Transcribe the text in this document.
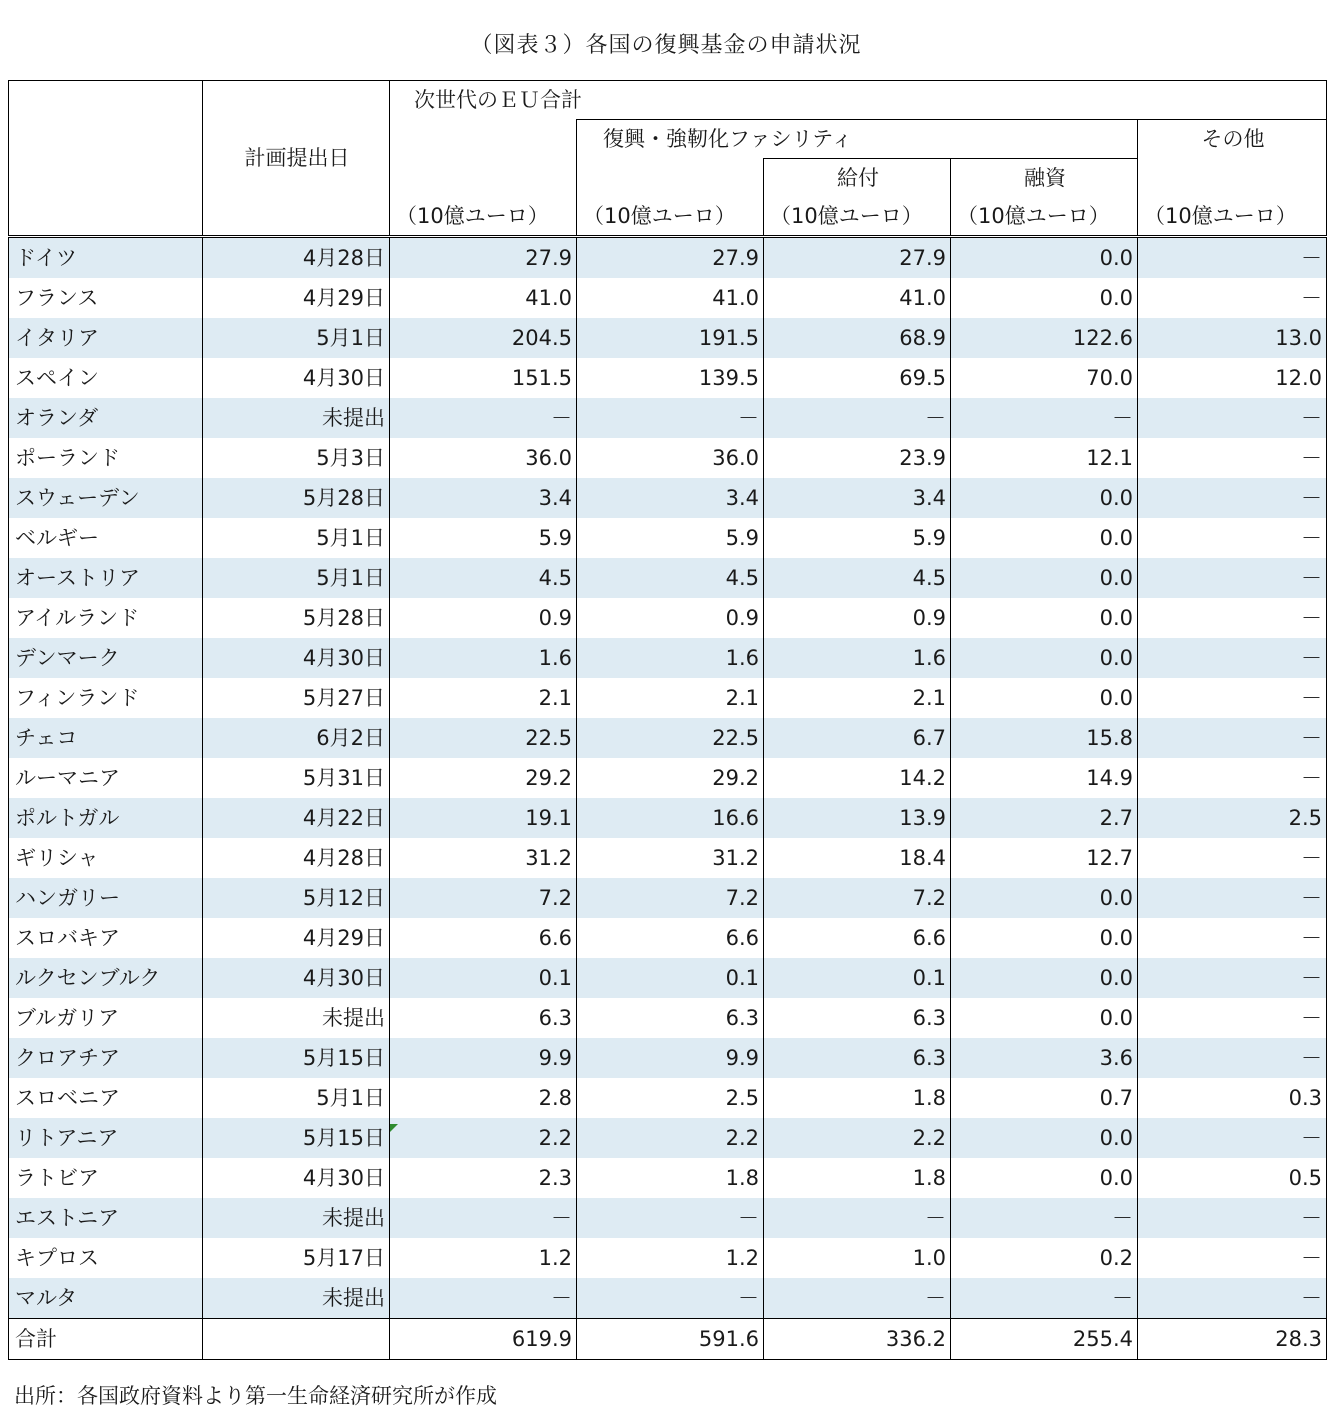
（図表３）各国の復興基金の申請状況
	計画提出日	次世代のＥＵ合計				
			復興・強靭化ファシリティ			その他
				給付	融資	
		（10億ユーロ）	（10億ユーロ）	（10億ユーロ）	（10億ユーロ）	（10億ユーロ）
ドイツ	4月28日	27.9	27.9	27.9	0.0	－
フランス	4月29日	41.0	41.0	41.0	0.0	－
イタリア	5月1日	204.5	191.5	68.9	122.6	13.0
スペイン	4月30日	151.5	139.5	69.5	70.0	12.0
オランダ	未提出	－	－	－	－	－
ポーランド	5月3日	36.0	36.0	23.9	12.1	－
スウェーデン	5月28日	3.4	3.4	3.4	0.0	－
ベルギー	5月1日	5.9	5.9	5.9	0.0	－
オーストリア	5月1日	4.5	4.5	4.5	0.0	－
アイルランド	5月28日	0.9	0.9	0.9	0.0	－
デンマーク	4月30日	1.6	1.6	1.6	0.0	－
フィンランド	5月27日	2.1	2.1	2.1	0.0	－
チェコ	6月2日	22.5	22.5	6.7	15.8	－
ルーマニア	5月31日	29.2	29.2	14.2	14.9	－
ポルトガル	4月22日	19.1	16.6	13.9	2.7	2.5
ギリシャ	4月28日	31.2	31.2	18.4	12.7	－
ハンガリー	5月12日	7.2	7.2	7.2	0.0	－
スロバキア	4月29日	6.6	6.6	6.6	0.0	－
ルクセンブルク	4月30日	0.1	0.1	0.1	0.0	－
ブルガリア	未提出	6.3	6.3	6.3	0.0	－
クロアチア	5月15日	9.9	9.9	6.3	3.6	－
スロベニア	5月1日	2.8	2.5	1.8	0.7	0.3
リトアニア	5月15日	2.2	2.2	2.2	0.0	－
ラトビア	4月30日	2.3	1.8	1.8	0.0	0.5
エストニア	未提出	－	－	－	－	－
キプロス	5月17日	1.2	1.2	1.0	0.2	－
マルタ	未提出	－	－	－	－	－
合計		619.9	591.6	336.2	255.4	28.3
出所：各国政府資料より第一生命経済研究所が作成
